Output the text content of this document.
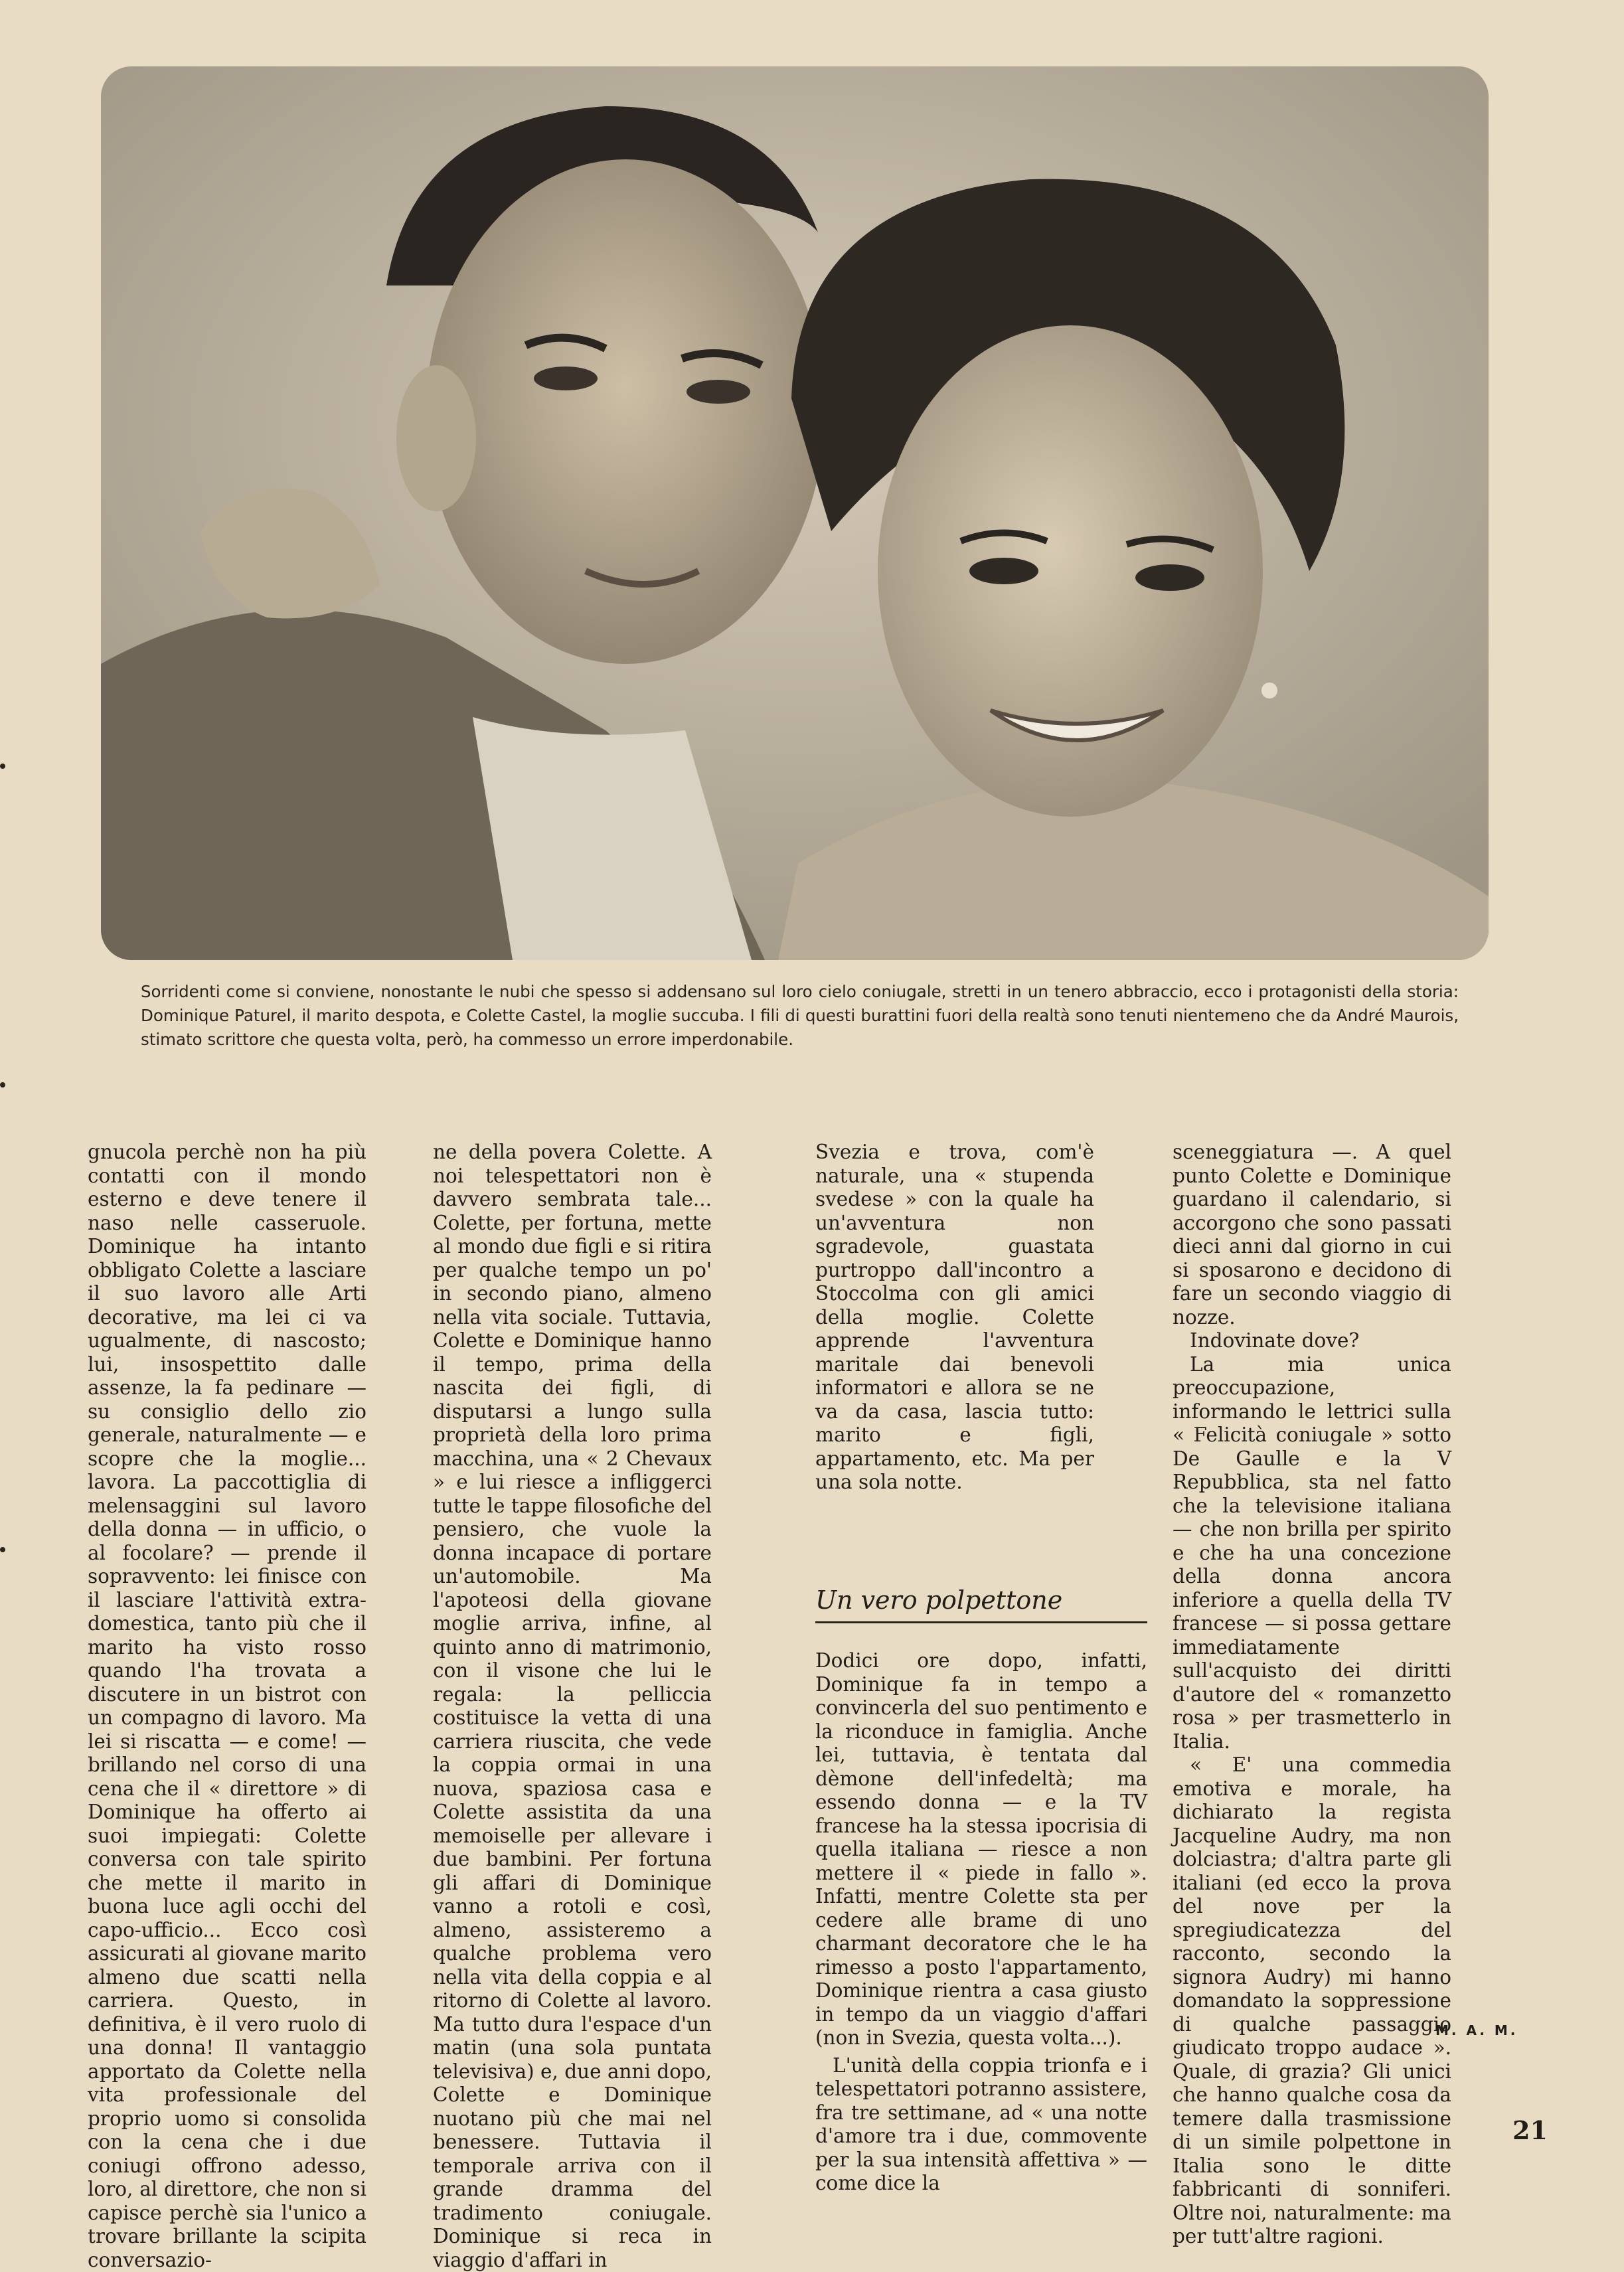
Sorridenti come si conviene, nonostante le nubi che spesso si addensano sul loro cielo coniugale, stretti in un tenero abbraccio, ecco i protagonisti della storia: Dominique Paturel, il marito despota, e Colette Castel, la moglie succuba. I fili di questi burattini fuori della realtà sono tenuti nientemeno che da André Maurois, stimato scrittore che questa volta, però, ha commesso un errore imperdonabile.

gnucola perchè non ha più contatti con il mondo esterno e deve tenere il naso nelle casseruole. Dominique ha intanto obbligato Colette a lasciare il suo lavoro alle Arti decorative, ma lei ci va ugualmente, di nascosto; lui, insospettito dalle assenze, la fa pedinare — su consiglio dello zio generale, naturalmente — e scopre che la moglie... lavora. La paccottiglia di melensaggini sul lavoro della donna — in ufficio, o al focolare? — prende il sopravvento: lei finisce con il lasciare l'attività extra-domestica, tanto più che il marito ha visto rosso quando l'ha trovata a discutere in un bistrot con un compagno di lavoro. Ma lei si riscatta — e come! — brillando nel corso di una cena che il « direttore » di Dominique ha offerto ai suoi impiegati: Colette conversa con tale spirito che mette il marito in buona luce agli occhi del capo-ufficio... Ecco così assicurati al giovane marito almeno due scatti nella carriera. Questo, in definitiva, è il vero ruolo di una donna! Il vantaggio apportato da Colette nella vita professionale del proprio uomo si consolida con la cena che i due coniugi offrono adesso, loro, al direttore, che non si capisce perchè sia l'unico a trovare brillante la scipita conversazio-

ne della povera Colette. A noi telespettatori non è davvero sembrata tale... Colette, per fortuna, mette al mondo due figli e si ritira per qualche tempo un po' in secondo piano, almeno nella vita sociale. Tuttavia, Colette e Dominique hanno il tempo, prima della nascita dei figli, di disputarsi a lungo sulla proprietà della loro prima macchina, una « 2 Chevaux » e lui riesce a infliggerci tutte le tappe filosofiche del pensiero, che vuole la donna incapace di portare un'automobile. Ma l'apoteosi della giovane moglie arriva, infine, al quinto anno di matrimonio, con il visone che lui le regala: la pelliccia costituisce la vetta di una carriera riuscita, che vede la coppia ormai in una nuova, spaziosa casa e Colette assistita da una memoiselle per allevare i due bambini. Per fortuna gli affari di Dominique vanno a rotoli e così, almeno, assisteremo a qualche problema vero nella vita della coppia e al ritorno di Colette al lavoro. Ma tutto dura l'espace d'un matin (una sola puntata televisiva) e, due anni dopo, Colette e Dominique nuotano più che mai nel benessere. Tuttavia il temporale arriva con il grande dramma del tradimento coniugale. Dominique si reca in viaggio d'affari in

Svezia e trova, com'è naturale, una « stupenda svedese » con la quale ha un'avventura non sgradevole, guastata purtroppo dall'incontro a Stoccolma con gli amici della moglie. Colette apprende l'avventura maritale dai benevoli informatori e allora se ne va da casa, lascia tutto: marito e figli, appartamento, etc. Ma per una sola notte.

Un vero polpettone

Dodici ore dopo, infatti, Dominique fa in tempo a convincerla del suo pentimento e la riconduce in famiglia. Anche lei, tuttavia, è tentata dal dèmone dell'infedeltà; ma essendo donna — e la TV francese ha la stessa ipocrisia di quella italiana — riesce a non mettere il « piede in fallo ». Infatti, mentre Colette sta per cedere alle brame di uno charmant decoratore che le ha rimesso a posto l'appartamento, Dominique rientra a casa giusto in tempo da un viaggio d'affari (non in Svezia, questa volta...).

L'unità della coppia trionfa e i telespettatori potranno assistere, fra tre settimane, ad « una notte d'amore tra i due, commovente per la sua intensità affettiva » — come dice la

sceneggiatura —. A quel punto Colette e Dominique guardano il calendario, si accorgono che sono passati dieci anni dal giorno in cui si sposarono e decidono di fare un secondo viaggio di nozze.

Indovinate dove?

La mia unica preoccupazione, informando le lettrici sulla « Felicità coniugale » sotto De Gaulle e la V Repubblica, sta nel fatto che la televisione italiana — che non brilla per spirito e che ha una concezione della donna ancora inferiore a quella della TV francese — si possa gettare immediatamente sull'acquisto dei diritti d'autore del « romanzetto rosa » per trasmetterlo in Italia.

« E' una commedia emotiva e morale, ha dichiarato la regista Jacqueline Audry, ma non dolciastra; d'altra parte gli italiani (ed ecco la prova del nove per la spregiudicatezza del racconto, secondo la signora Audry) mi hanno domandato la soppressione di qualche passaggio giudicato troppo audace ». Quale, di grazia? Gli unici che hanno qualche cosa da temere dalla trasmissione di un simile polpettone in Italia sono le ditte fabbricanti di sonniferi. Oltre noi, naturalmente: ma per tutt'altre ragioni.

M. A. M.
21
